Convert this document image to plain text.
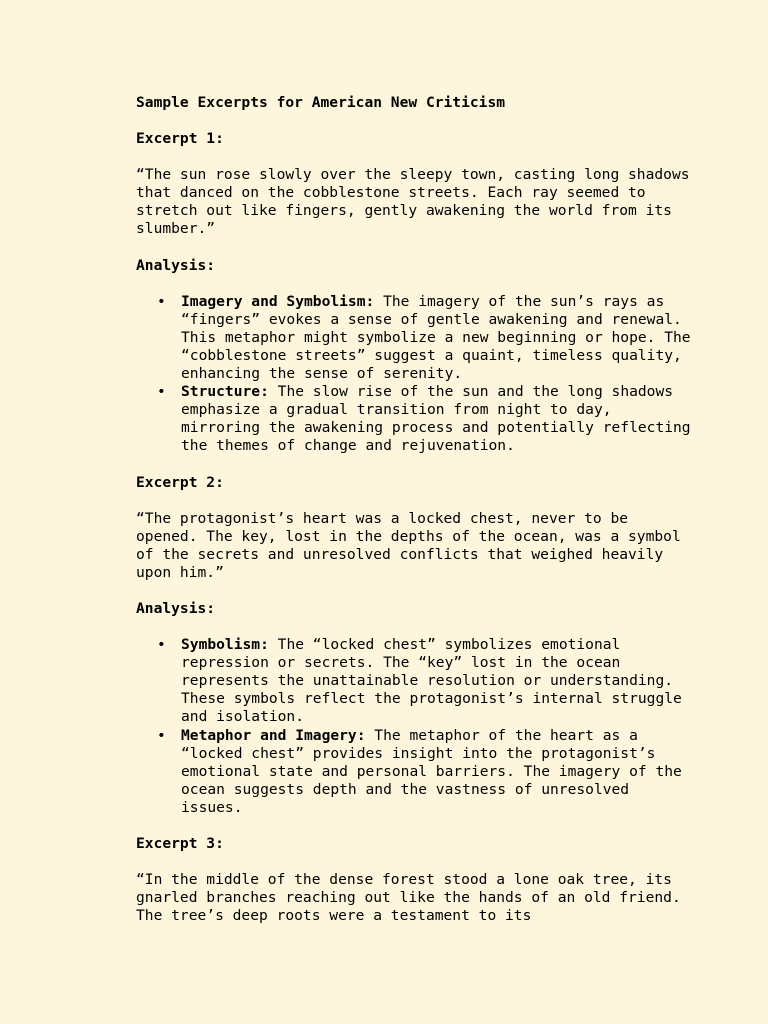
Sample Excerpts for American New Criticism
Excerpt 1:

“The sun rose slowly over the sleepy town, casting long shadows that danced on the cobblestone streets. Each ray seemed to stretch out like fingers, gently awakening the world from its slumber.”

Analysis:
• Imagery and Symbolism: The imagery of the sun’s rays as “fingers” evokes a sense of gentle awakening and renewal. This metaphor might symbolize a new beginning or hope. The “cobblestone streets” suggest a quaint, timeless quality, enhancing the sense of serenity.
• Structure: The slow rise of the sun and the long shadows emphasize a gradual transition from night to day, mirroring the awakening process and potentially reflecting the themes of change and rejuvenation.
Excerpt 2:

“The protagonist’s heart was a locked chest, never to be opened. The key, lost in the depths of the ocean, was a symbol of the secrets and unresolved conflicts that weighed heavily upon him.”

Analysis:
• Symbolism: The “locked chest” symbolizes emotional repression or secrets. The “key” lost in the ocean represents the unattainable resolution or understanding. These symbols reflect the protagonist’s internal struggle and isolation.
• Metaphor and Imagery: The metaphor of the heart as a “locked chest” provides insight into the protagonist’s emotional state and personal barriers. The imagery of the ocean suggests depth and the vastness of unresolved issues.
Excerpt 3:

“In the middle of the dense forest stood a lone oak tree, its gnarled branches reaching out like the hands of an old friend. The tree’s deep roots were a testament to its
